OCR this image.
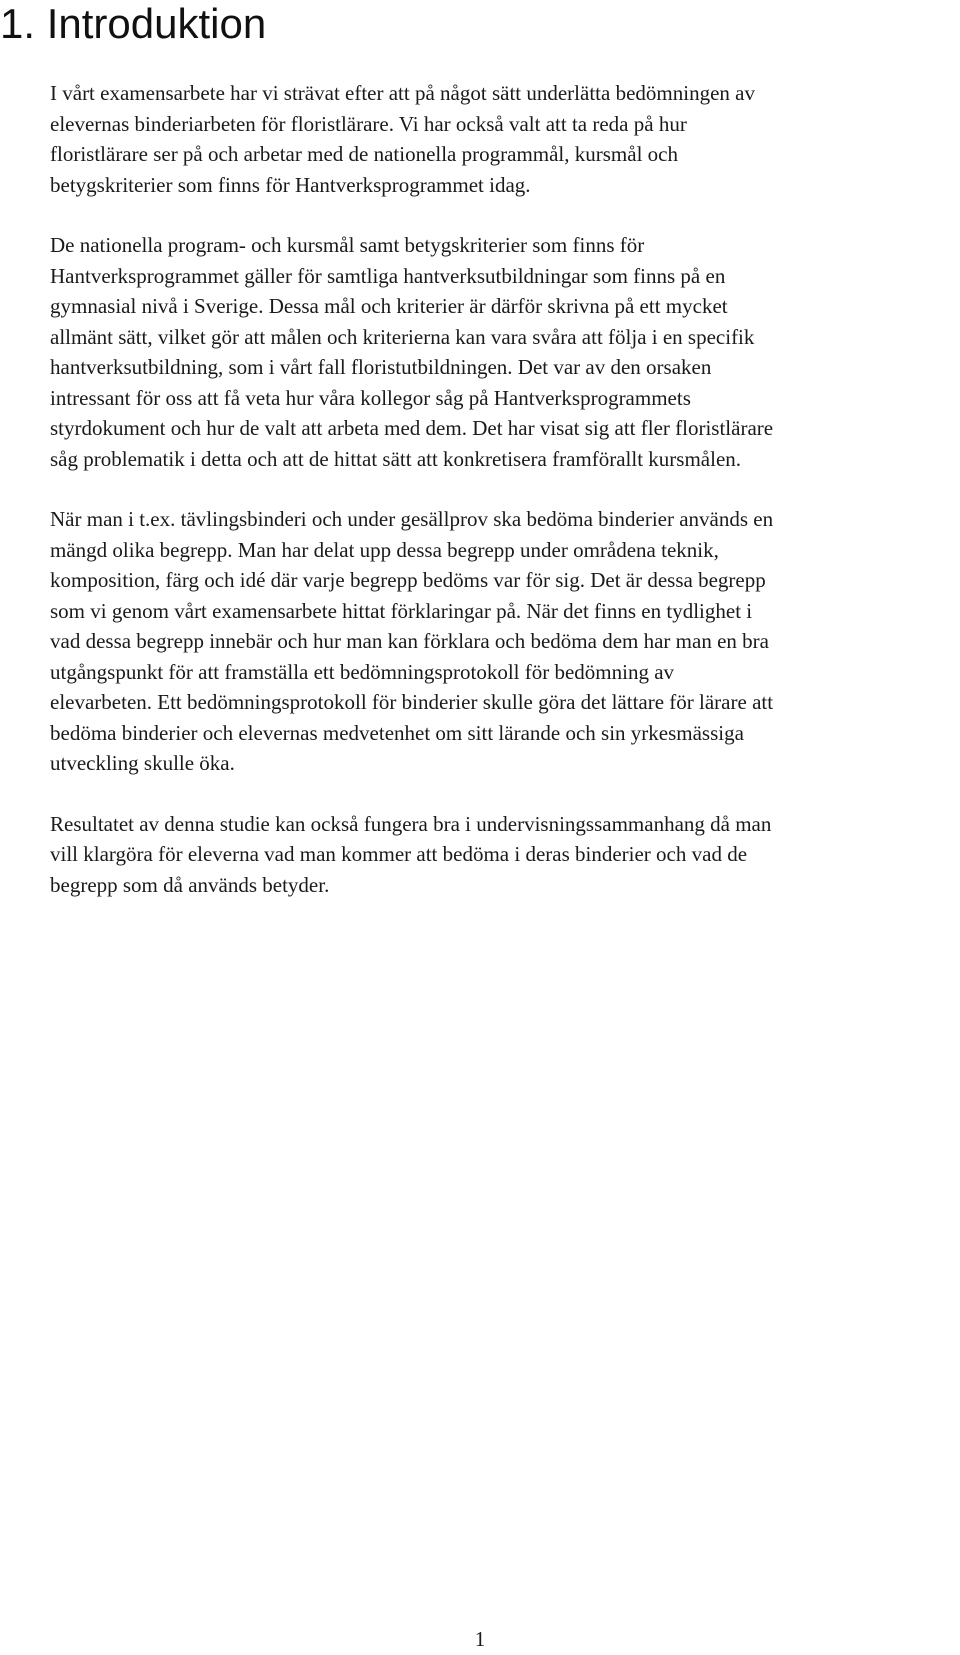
1. Introduktion

I vårt examensarbete har vi strävat efter att på något sätt underlätta bedömningen av
elevernas binderiarbeten för floristlärare. Vi har också valt att ta reda på hur
floristlärare ser på och arbetar med de nationella programmål, kursmål och
betygskriterier som finns för Hantverksprogrammet idag.

De nationella program- och kursmål samt betygskriterier som finns för
Hantverksprogrammet gäller för samtliga hantverksutbildningar som finns på en
gymnasial nivå i Sverige. Dessa mål och kriterier är därför skrivna på ett mycket
allmänt sätt, vilket gör att målen och kriterierna kan vara svåra att följa i en specifik
hantverksutbildning, som i vårt fall floristutbildningen. Det var av den orsaken
intressant för oss att få veta hur våra kollegor såg på Hantverksprogrammets
styrdokument och hur de valt att arbeta med dem. Det har visat sig att fler floristlärare
såg problematik i detta och att de hittat sätt att konkretisera framförallt kursmålen.

När man i t.ex. tävlingsbinderi och under gesällprov ska bedöma binderier används en
mängd olika begrepp. Man har delat upp dessa begrepp under områdena teknik,
komposition, färg och idé där varje begrepp bedöms var för sig. Det är dessa begrepp
som vi genom vårt examensarbete hittat förklaringar på. När det finns en tydlighet i
vad dessa begrepp innebär och hur man kan förklara och bedöma dem har man en bra
utgångspunkt för att framställa ett bedömningsprotokoll för bedömning av
elevarbeten. Ett bedömningsprotokoll för binderier skulle göra det lättare för lärare att
bedöma binderier och elevernas medvetenhet om sitt lärande och sin yrkesmässiga
utveckling skulle öka.

Resultatet av denna studie kan också fungera bra i undervisningssammanhang då man
vill klargöra för eleverna vad man kommer att bedöma i deras binderier och vad de
begrepp som då används betyder.

1
